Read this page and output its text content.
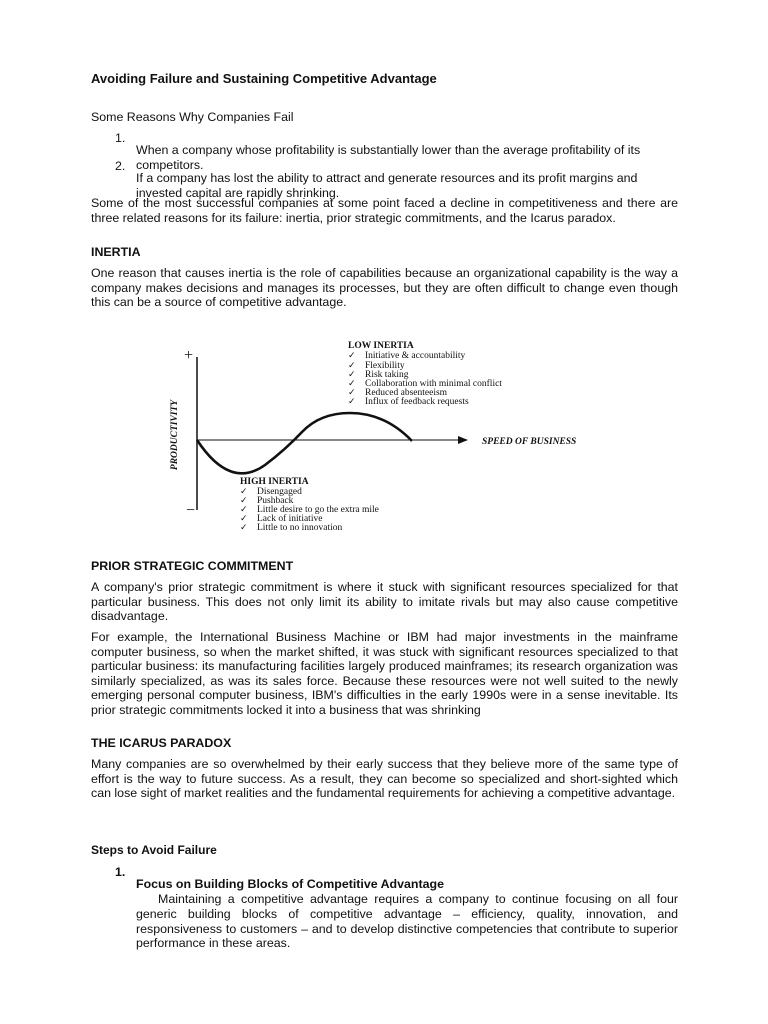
Avoiding Failure and Sustaining Competitive Advantage

Some Reasons Why Companies Fail

1.

When a company whose profitability is substantially lower than the average profitability of its competitors.

2.

If a company has lost the ability to attract and generate resources and its profit margins and invested capital are rapidly shrinking.

Some of the most successful companies at some point faced a decline in competitiveness and there are three related reasons for its failure: inertia, prior strategic commitments, and the Icarus paradox.

INERTIA

One reason that causes inertia is the role of capabilities because an organizational capability is the way a company makes decisions and manages its processes, but they are often difficult to change even though this can be a source of competitive advantage.

+
−
PRODUCTIVITY	SPEED OF BUSINESS
LOW INERTIA
✓ Initiative & accountability
✓ Flexibility
✓ Risk taking
✓ Collaboration with minimal conflict
✓ Reduced absenteeism
✓ Influx of feedback requests
HIGH INERTIA
✓ Disengaged
✓ Pushback
✓ Little desire to go the extra mile
✓ Lack of initiative
✓ Little to no innovation

PRIOR STRATEGIC COMMITMENT

A company's prior strategic commitment is where it stuck with significant resources specialized for that particular business. This does not only limit its ability to imitate rivals but may also cause competitive disadvantage.

For example, the International Business Machine or IBM had major investments in the mainframe computer business, so when the market shifted, it was stuck with significant resources specialized to that particular business: its manufacturing facilities largely produced mainframes; its research organization was similarly specialized, as was its sales force. Because these resources were not well suited to the newly emerging personal computer business, IBM's difficulties in the early 1990s were in a sense inevitable. Its prior strategic commitments locked it into a business that was shrinking

THE ICARUS PARADOX

Many companies are so overwhelmed by their early success that they believe more of the same type of effort is the way to future success. As a result, they can become so specialized and short-sighted which can lose sight of market realities and the fundamental requirements for achieving a competitive advantage.

Steps to Avoid Failure

1.

Focus on Building Blocks of Competitive Advantage

Maintaining a competitive advantage requires a company to continue focusing on all four generic building blocks of competitive advantage – efficiency, quality, innovation, and responsiveness to customers – and to develop distinctive competencies that contribute to superior performance in these areas.
